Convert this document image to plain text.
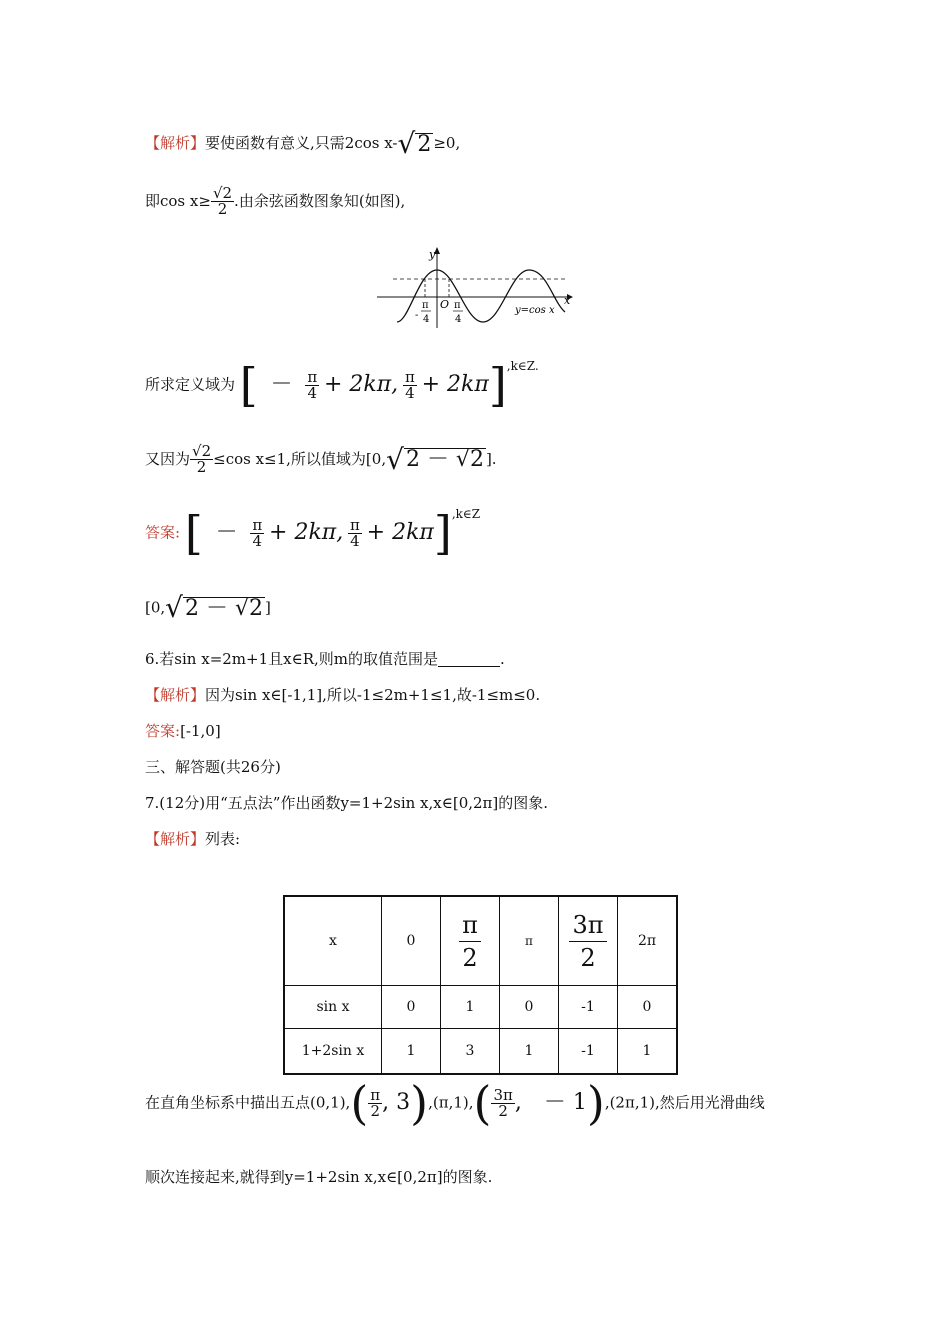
【解析】要使函数有意义,只需2cos x-√2 ≥0,
即$\cos x\ge \frac{√2}{2}$ .由余弦函数图象知(如图),
y
x
O
-
π
4
π
4
y=cos x
所求定义域为 [ － $\frac{\pi}{4} + 2k\pi$, $\frac{\pi}{4} + 2k\pi]^{,k\in Z.}$
又因为 $\frac{√2}{2} \le\cos$ x≤1,所以值域为[0,√2 － √2 ].
答案: [ － $\frac{\pi}{4} + 2k\pi$, $\frac{\pi}{4} + 2k\pi]^{,k\in Z}$
[0,√2 － √2 ]
6.若sin x=2m+1且x∈R,则m的取值范围是	.
【解析】因为sin x∈[-1,1],所以-1≤2m+1≤1,故-1≤m≤0.
答案:[-1,0]
三、解答题(共26分)
7.(12分)用“五点法”作出函数y=1+2sin x,x∈[0,2π]的图象.
【解析】列表:
x	0	$\frac{\pi}{2}$	π	$\frac{3\pi}{2}$	2π
sin x	0	1	0	-1	0
1+2sin x	1	3	1	-1	1
在直角坐标系中描出五点$(0,1),( \frac{\pi}{2}$ , $3),(\pi,1),( \frac{3\pi}{2}$ ,　－ 1),(2π,1),然后用光滑曲线
顺次连接起来,就得到y=1+2sin x,x∈[0,2π]的图象.
